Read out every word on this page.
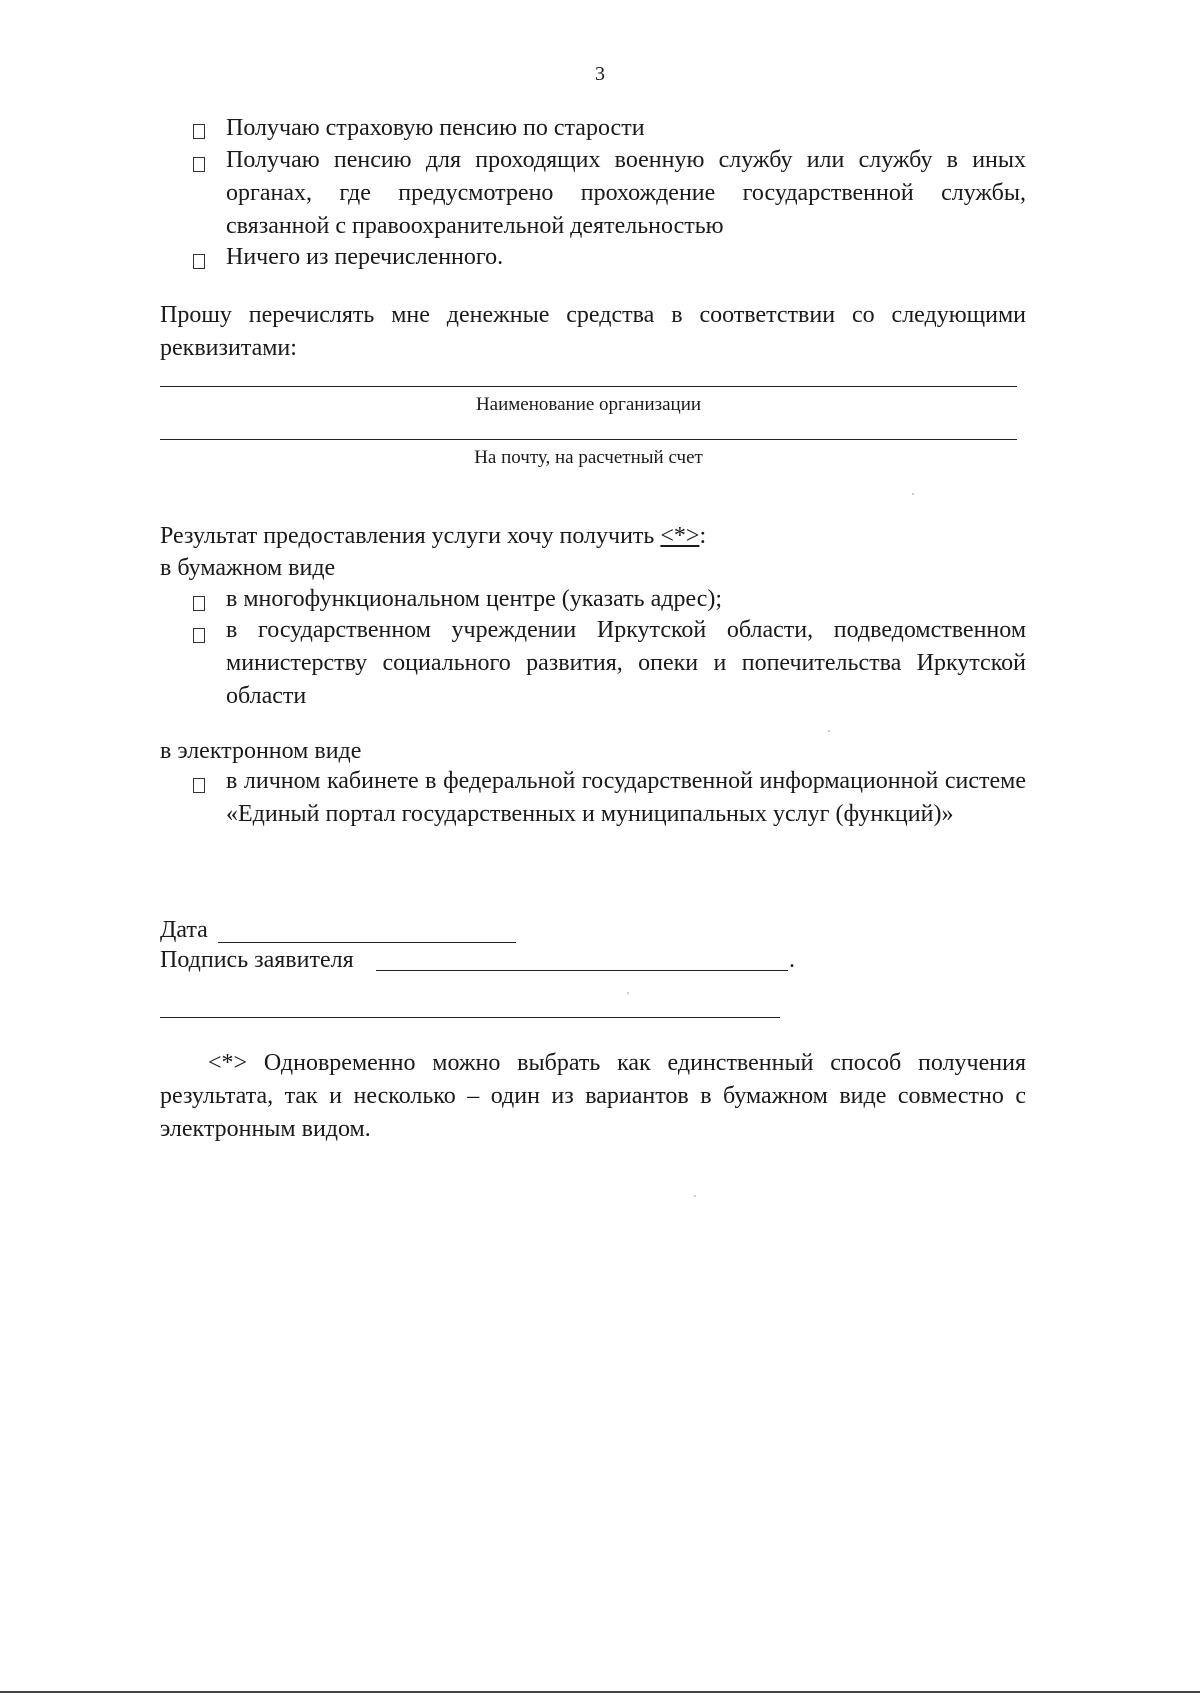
3
Получаю страховую пенсию по старости
Получаю пенсию для проходящих военную службу или службу в иных органах, где предусмотрено прохождение государственной службы, связанной с правоохранительной деятельностью
Ничего из перечисленного.
Прошу перечислять мне денежные средства в соответствии со следующими реквизитами:
Наименование организации
На почту, на расчетный счет
Результат предоставления услуги хочу получить <*>:
в бумажном виде
в многофункциональном центре (указать адрес);
в государственном учреждении Иркутской области, подведомственном министерству социального развития, опеки и попечительства Иркутской области
в электронном виде
в личном кабинете в федеральной государственной информационной системе «Единый портал государственных и муниципальных услуг (функций)»
Дата
Подпись заявителя	.
<*> Одновременно можно выбрать как единственный способ получения результата, так и несколько – один из вариантов в бумажном виде совместно с электронным видом.
